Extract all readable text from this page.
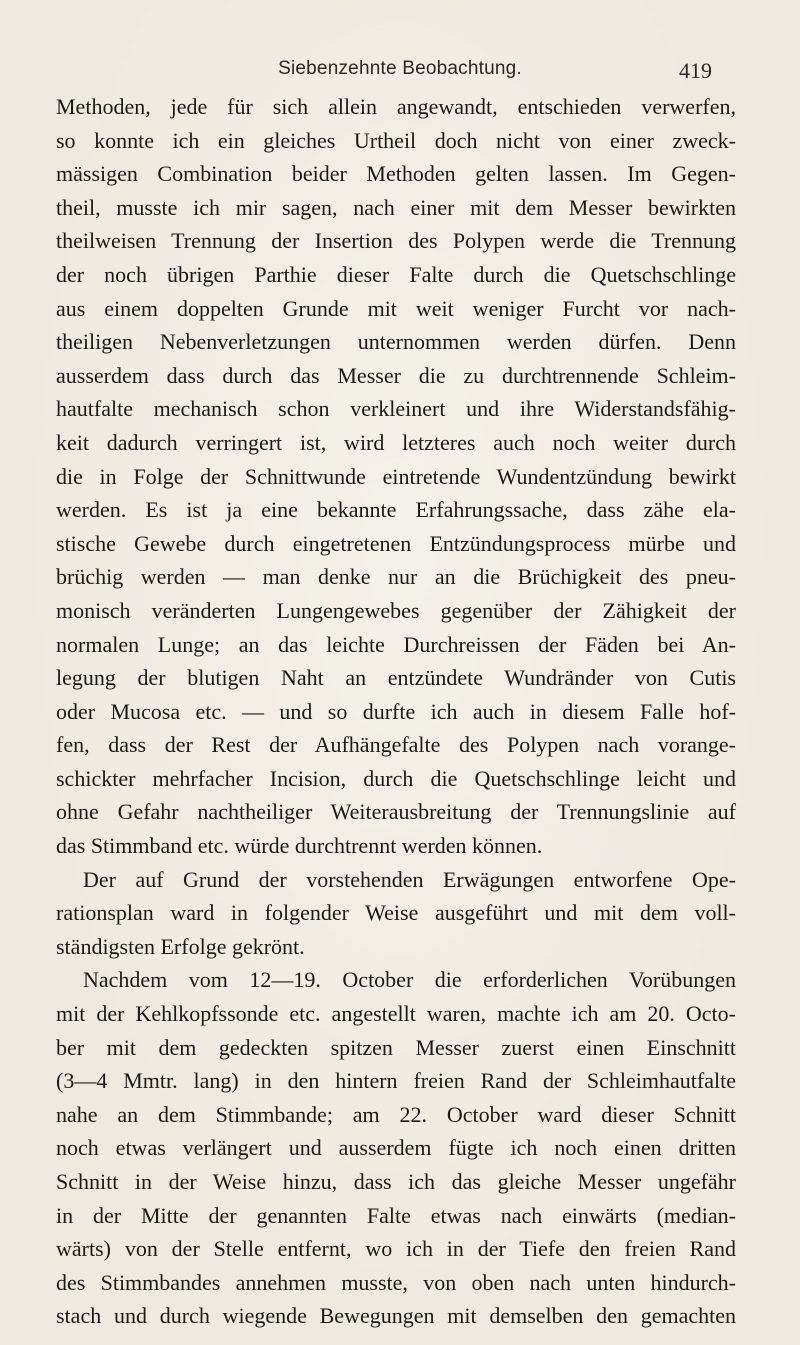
Siebenzehnte Beobachtung.	419
Methoden, jede für sich allein angewandt, entschieden verwerfen,
so konnte ich ein gleiches Urtheil doch nicht von einer zweck-
mässigen Combination beider Methoden gelten lassen. Im Gegen-
theil, musste ich mir sagen, nach einer mit dem Messer bewirkten
theilweisen Trennung der Insertion des Polypen werde die Trennung
der noch übrigen Parthie dieser Falte durch die Quetschschlinge
aus einem doppelten Grunde mit weit weniger Furcht vor nach-
theiligen Nebenverletzungen unternommen werden dürfen. Denn
ausserdem dass durch das Messer die zu durchtrennende Schleim-
hautfalte mechanisch schon verkleinert und ihre Widerstandsfähig-
keit dadurch verringert ist, wird letzteres auch noch weiter durch
die in Folge der Schnittwunde eintretende Wundentzündung bewirkt
werden. Es ist ja eine bekannte Erfahrungssache, dass zähe ela-
stische Gewebe durch eingetretenen Entzündungsprocess mürbe und
brüchig werden — man denke nur an die Brüchigkeit des pneu-
monisch veränderten Lungengewebes gegenüber der Zähigkeit der
normalen Lunge; an das leichte Durchreissen der Fäden bei An-
legung der blutigen Naht an entzündete Wundränder von Cutis
oder Mucosa etc. — und so durfte ich auch in diesem Falle hof-
fen, dass der Rest der Aufhängefalte des Polypen nach vorange-
schickter mehrfacher Incision, durch die Quetschschlinge leicht und
ohne Gefahr nachtheiliger Weiterausbreitung der Trennungslinie auf
das Stimmband etc. würde durchtrennt werden können.
Der auf Grund der vorstehenden Erwägungen entworfene Ope-
rationsplan ward in folgender Weise ausgeführt und mit dem voll-
ständigsten Erfolge gekrönt.
Nachdem vom 12—19. October die erforderlichen Vorübungen
mit der Kehlkopfssonde etc. angestellt waren, machte ich am 20. Octo-
ber mit dem gedeckten spitzen Messer zuerst einen Einschnitt
(3—4 Mmtr. lang) in den hintern freien Rand der Schleimhautfalte
nahe an dem Stimmbande; am 22. October ward dieser Schnitt
noch etwas verlängert und ausserdem fügte ich noch einen dritten
Schnitt in der Weise hinzu, dass ich das gleiche Messer ungefähr
in der Mitte der genannten Falte etwas nach einwärts (median-
wärts) von der Stelle entfernt, wo ich in der Tiefe den freien Rand
des Stimmbandes annehmen musste, von oben nach unten hindurch-
stach und durch wiegende Bewegungen mit demselben den gemachten
